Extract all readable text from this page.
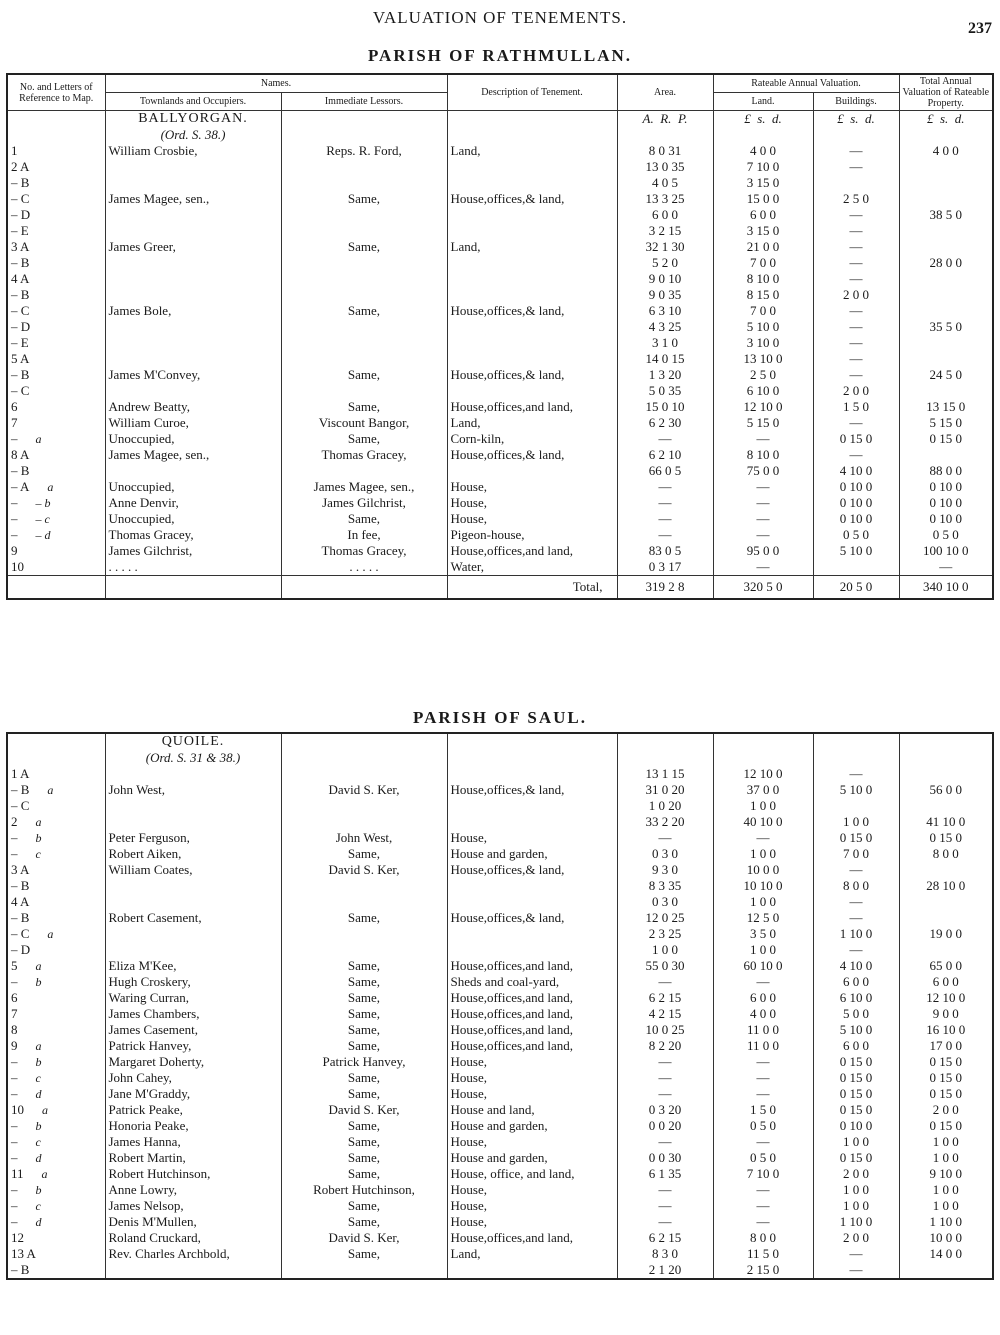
VALUATION OF TENEMENTS.
237
PARISH OF RATHMULLAN.
No. and Letters of Reference to Map.	Names.		Description of Tenement.	Area.	Rateable Annual Valuation.		Total Annual Valuation of Rateable Property.
	Townlands and Occupiers.	Immediate Lessors.			Land.	Buildings.	

	BALLYORGAN.
(Ord. S. 38.)			A. R. P.	£ s. d.	£ s. d.	£ s. d.

1	William Crosbie,	Reps. R. Ford,	Land,	8 0 31	4 0 0	—	4 0 0
2 A				13 0 35	7 10 0	—	
– B				4 0 5	3 15 0		
– C	James Magee, sen.,	Same,	House,offices,& land,	13 3 25	15 0 0	2 5 0	
– D				6 0 0	6 0 0	—	38 5 0
– E				3 2 15	3 15 0	—	
3 A	James Greer,	Same,	Land,	32 1 30	21 0 0	—	
– B				5 2 0	7 0 0	—	28 0 0
4 A				9 0 10	8 10 0	—	
– B				9 0 35	8 15 0	2 0 0	
– C	James Bole,	Same,	House,offices,& land,	6 3 10	7 0 0	—	
– D				4 3 25	5 10 0	—	35 5 0
– E				3 1 0	3 10 0	—	
5 A				14 0 15	13 10 0	—	
– B	James M'Convey,	Same,	House,offices,& land,	1 3 20	2 5 0	—	24 5 0
– C				5 0 35	6 10 0	2 0 0	
6	Andrew Beatty,	Same,	House,offices,and land,	15 0 10	12 10 0	1 5 0	13 15 0
7	William Curoe,	Viscount Bangor,	Land,	6 2 30	5 15 0	—	5 15 0
– a	Unoccupied,	Same,	Corn-kiln,	—	—	0 15 0	0 15 0
8 A	James Magee, sen.,	Thomas Gracey,	House,offices,& land,	6 2 10	8 10 0	—	
– B				66 0 5	75 0 0	4 10 0	88 0 0
– A a	Unoccupied,	James Magee, sen.,	House,	—	—	0 10 0	0 10 0
– – b	Anne Denvir,	James Gilchrist,	House,	—	—	0 10 0	0 10 0
– – c	Unoccupied,	Same,	House,	—	—	0 10 0	0 10 0
– – d	Thomas Gracey,	In fee,	Pigeon-house,	—	—	0 5 0	0 5 0
9	James Gilchrist,	Thomas Gracey,	House,offices,and land,	83 0 5	95 0 0	5 10 0	100 10 0
10	. . . . .	. . . . .	Water,	0 3 17	—		—
			Total,	319 2 8	320 5 0	20 5 0	340 10 0
PARISH OF SAUL.

	QUOILE.
(Ord. S. 31 & 38.)						

1 A				13 1 15	12 10 0	—	
– B a	John West,	David S. Ker,	House,offices,& land,	31 0 20	37 0 0	5 10 0	56 0 0
– C				1 0 20	1 0 0		
2 a				33 2 20	40 10 0	1 0 0	41 10 0
– b	Peter Ferguson,	John West,	House,	—	—	0 15 0	0 15 0
– c	Robert Aiken,	Same,	House and garden,	0 3 0	1 0 0	7 0 0	8 0 0
3 A	William Coates,	David S. Ker,	House,offices,& land,	9 3 0	10 0 0	—	
– B				8 3 35	10 10 0	8 0 0	28 10 0
4 A				0 3 0	1 0 0	—	
– B	Robert Casement,	Same,	House,offices,& land,	12 0 25	12 5 0	—	
– C a				2 3 25	3 5 0	1 10 0	19 0 0
– D				1 0 0	1 0 0	—	
5 a	Eliza M'Kee,	Same,	House,offices,and land,	55 0 30	60 10 0	4 10 0	65 0 0
– b	Hugh Croskery,	Same,	Sheds and coal-yard,	—	—	6 0 0	6 0 0
6	Waring Curran,	Same,	House,offices,and land,	6 2 15	6 0 0	6 10 0	12 10 0
7	James Chambers,	Same,	House,offices,and land,	4 2 15	4 0 0	5 0 0	9 0 0
8	James Casement,	Same,	House,offices,and land,	10 0 25	11 0 0	5 10 0	16 10 0
9 a	Patrick Hanvey,	Same,	House,offices,and land,	8 2 20	11 0 0	6 0 0	17 0 0
– b	Margaret Doherty,	Patrick Hanvey,	House,	—	—	0 15 0	0 15 0
– c	John Cahey,	Same,	House,	—	—	0 15 0	0 15 0
– d	Jane M'Graddy,	Same,	House,	—	—	0 15 0	0 15 0
10 a	Patrick Peake,	David S. Ker,	House and land,	0 3 20	1 5 0	0 15 0	2 0 0
– b	Honoria Peake,	Same,	House and garden,	0 0 20	0 5 0	0 10 0	0 15 0
– c	James Hanna,	Same,	House,	—	—	1 0 0	1 0 0
– d	Robert Martin,	Same,	House and garden,	0 0 30	0 5 0	0 15 0	1 0 0
11 a	Robert Hutchinson,	Same,	House, office, and land,	6 1 35	7 10 0	2 0 0	9 10 0
– b	Anne Lowry,	Robert Hutchinson,	House,	—	—	1 0 0	1 0 0
– c	James Nelsop,	Same,	House,	—	—	1 0 0	1 0 0
– d	Denis M'Mullen,	Same,	House,	—	—	1 10 0	1 10 0
12	Roland Cruckard,	David S. Ker,	House,offices,and land,	6 2 15	8 0 0	2 0 0	10 0 0
13 A	Rev. Charles Archbold,	Same,	Land,	8 3 0	11 5 0	—	14 0 0
– B				2 1 20	2 15 0	—	
